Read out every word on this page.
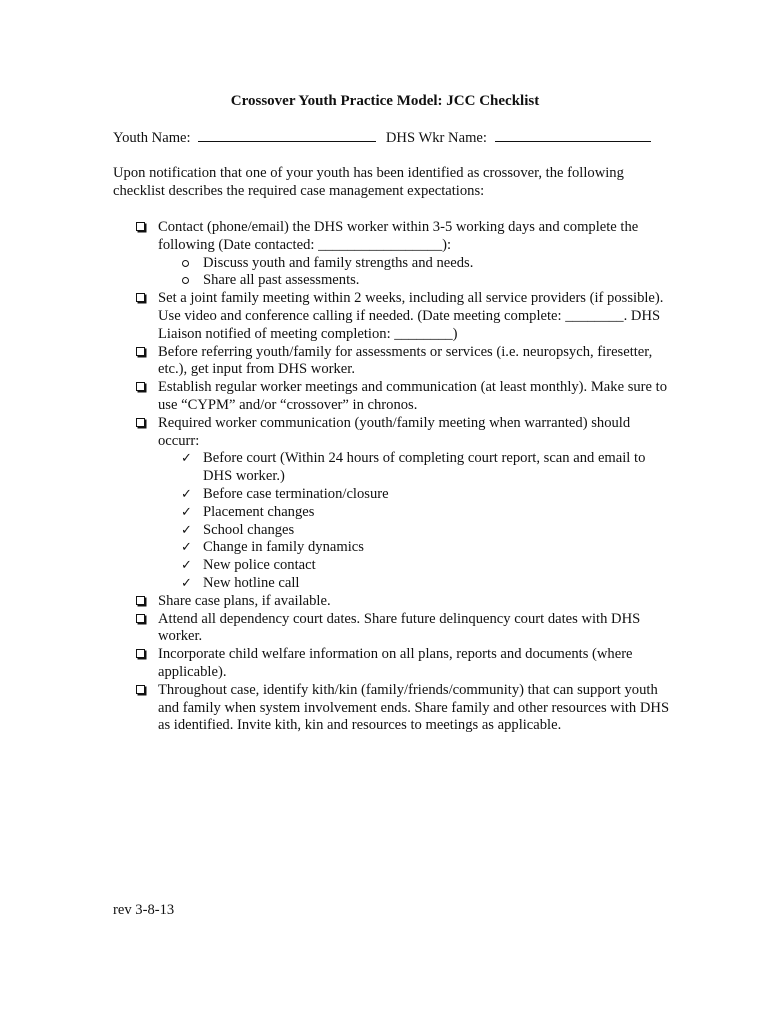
Crossover Youth Practice Model: JCC Checklist
Youth Name:	DHS Wkr Name:
Upon notification that one of your youth has been identified as crossover, the following checklist describes the required case management expectations:
Contact (phone/email) the DHS worker within 3-5 working days and complete the following (Date contacted: _________________):
Discuss youth and family strengths and needs.
Share all past assessments.
Set a joint family meeting within 2 weeks, including all service providers (if possible). Use video and conference calling if needed. (Date meeting complete: ________. DHS Liaison notified of meeting completion: ________)
Before referring youth/family for assessments or services (i.e. neuropsych, firesetter, etc.), get input from DHS worker.
Establish regular worker meetings and communication (at least monthly). Make sure to use “CYPM” and/or “crossover” in chronos.
Required worker communication (youth/family meeting when warranted) should occurr:
✓ Before court (Within 24 hours of completing court report, scan and email to DHS worker.)
✓ Before case termination/closure
✓ Placement changes
✓ School changes
✓ Change in family dynamics
✓ New police contact
✓ New hotline call
Share case plans, if available.
Attend all dependency court dates. Share future delinquency court dates with DHS worker.
Incorporate child welfare information on all plans, reports and documents (where applicable).
Throughout case, identify kith/kin (family/friends/community) that can support youth and family when system involvement ends. Share family and other resources with DHS as identified. Invite kith, kin and resources to meetings as applicable.
rev 3-8-13
